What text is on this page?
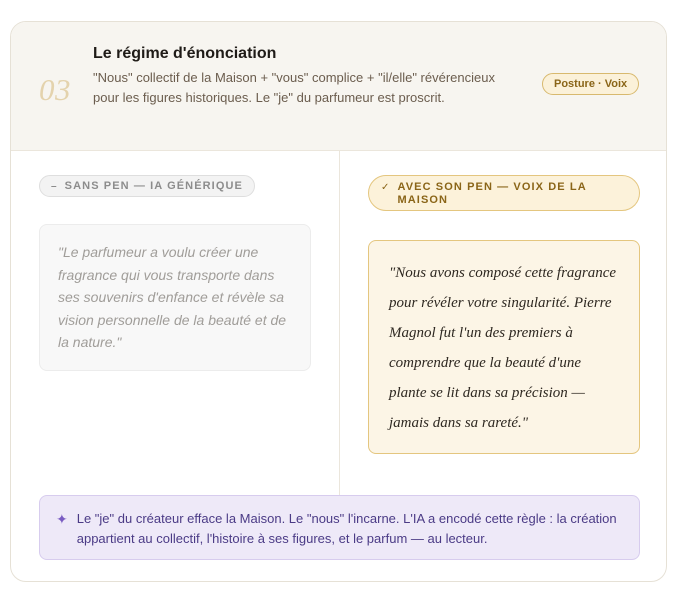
03
Le régime d'énonciation
"Nous" collectif de la Maison + "vous" complice + "il/elle" révérencieux pour les figures historiques. Le "je" du parfumeur est proscrit.
Posture · Voix
– SANS PEN — IA GÉNÉRIQUE
"Le parfumeur a voulu créer une fragrance qui vous transporte dans ses souvenirs d'enfance et révèle sa vision personnelle de la beauté et de la nature."
✓ AVEC SON PEN — VOIX DE LA MAISON
"Nous avons composé cette fragrance pour révéler votre singularité. Pierre Magnol fut l'un des premiers à comprendre que la beauté d'une plante se lit dans sa précision — jamais dans sa rareté."
✦ Le "je" du créateur efface la Maison. Le "nous" l'incarne. L'IA a encodé cette règle : la création appartient au collectif, l'histoire à ses figures, et le parfum — au lecteur.
